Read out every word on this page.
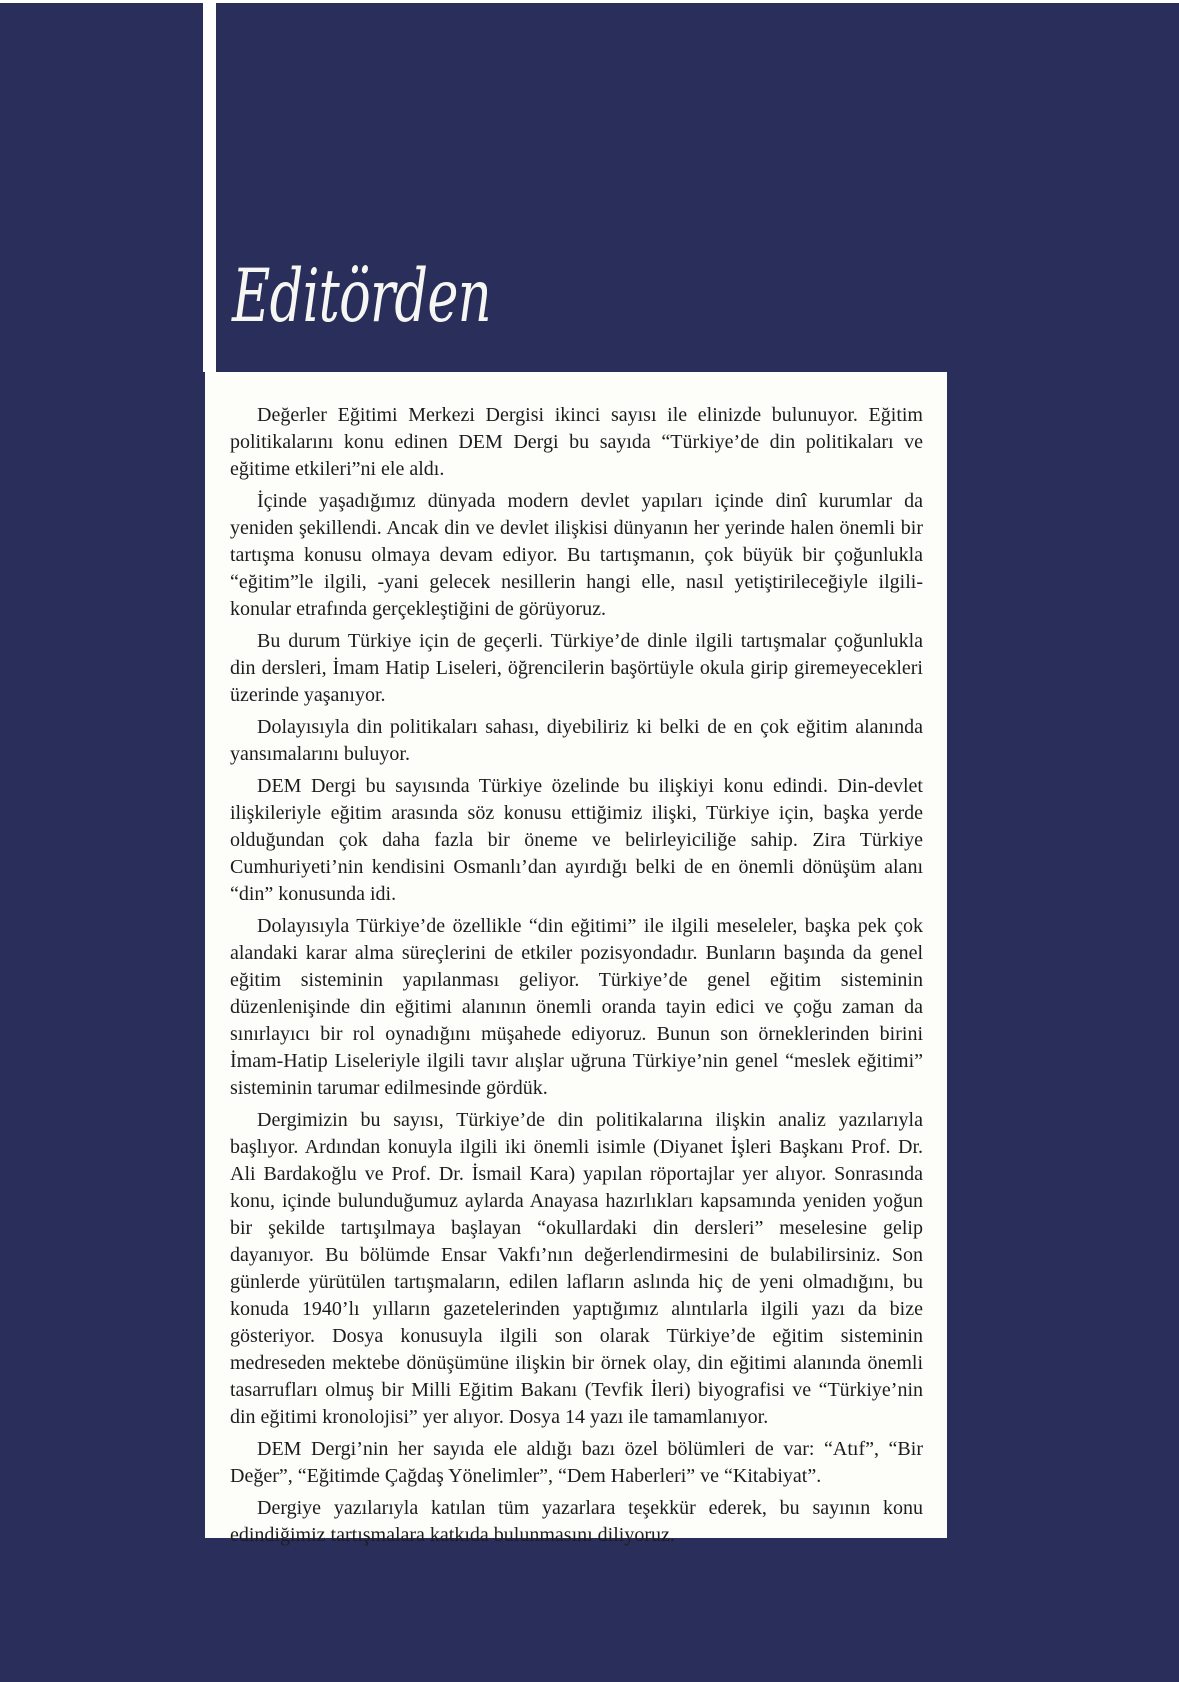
Editörden

Değerler Eğitimi Merkezi Dergisi ikinci sayısı ile elinizde bulunuyor. Eğitim politikalarını konu edinen DEM Dergi bu sayıda “Türkiye’de din politikaları ve eğitime etkileri”ni ele aldı.

İçinde yaşadığımız dünyada modern devlet yapıları içinde dinî kurumlar da yeniden şekillendi. Ancak din ve devlet ilişkisi dünyanın her yerinde halen önemli bir tartışma konusu olmaya devam ediyor. Bu tartışmanın, çok büyük bir çoğunlukla “eğitim”le ilgili, -yani gelecek nesillerin hangi elle, nasıl yetiştirileceğiyle ilgili- konular etrafında gerçekleştiğini de görüyoruz.

Bu durum Türkiye için de geçerli. Türkiye’de dinle ilgili tartışmalar çoğunlukla din dersleri, İmam Hatip Liseleri, öğrencilerin başörtüyle okula girip giremeyecekleri üzerinde yaşanıyor.

Dolayısıyla din politikaları sahası, diyebiliriz ki belki de en çok eğitim alanında yansımalarını buluyor.

DEM Dergi bu sayısında Türkiye özelinde bu ilişkiyi konu edindi. Din-devlet ilişkileriyle eğitim arasında söz konusu ettiğimiz ilişki, Türkiye için, başka yerde olduğundan çok daha fazla bir öneme ve belirleyiciliğe sahip. Zira Türkiye Cumhuriyeti’nin kendisini Osmanlı’dan ayırdığı belki de en önemli dönüşüm alanı “din” konusunda idi.

Dolayısıyla Türkiye’de özellikle “din eğitimi” ile ilgili meseleler, başka pek çok alandaki karar alma süreçlerini de etkiler pozisyondadır. Bunların başında da genel eğitim sisteminin yapılanması geliyor. Türkiye’de genel eğitim sisteminin düzenlenişinde din eğitimi alanının önemli oranda tayin edici ve çoğu zaman da sınırlayıcı bir rol oynadığını müşahede ediyoruz. Bunun son örneklerinden birini İmam-Hatip Liseleriyle ilgili tavır alışlar uğruna Türkiye’nin genel “meslek eğitimi” sisteminin tarumar edilmesinde gördük.

Dergimizin bu sayısı, Türkiye’de din politikalarına ilişkin analiz yazılarıyla başlıyor. Ardından konuyla ilgili iki önemli isimle (Diyanet İşleri Başkanı Prof. Dr. Ali Bardakoğlu ve Prof. Dr. İsmail Kara) yapılan röportajlar yer alıyor. Sonrasında konu, içinde bulunduğumuz aylarda Anayasa hazırlıkları kapsamında yeniden yoğun bir şekilde tartışılmaya başlayan “okullardaki din dersleri” meselesine gelip dayanıyor. Bu bölümde Ensar Vakfı’nın değerlendirmesini de bulabilirsiniz. Son günlerde yürütülen tartışmaların, edilen lafların aslında hiç de yeni olmadığını, bu konuda 1940’lı yılların gazetelerinden yaptığımız alıntılarla ilgili yazı da bize gösteriyor. Dosya konusuyla ilgili son olarak Türkiye’de eğitim sisteminin medreseden mektebe dönüşümüne ilişkin bir örnek olay, din eğitimi alanında önemli tasarrufları olmuş bir Milli Eğitim Bakanı (Tevfik İleri) biyografisi ve “Türkiye’nin din eğitimi kronolojisi” yer alıyor. Dosya 14 yazı ile tamamlanıyor.

DEM Dergi’nin her sayıda ele aldığı bazı özel bölümleri de var: “Atıf”, “Bir Değer”, “Eğitimde Çağdaş Yönelimler”, “Dem Haberleri” ve “Kitabiyat”.

Dergiye yazılarıyla katılan tüm yazarlara teşekkür ederek, bu sayının konu edindiğimiz tartışmalara katkıda bulunmasını diliyoruz.
